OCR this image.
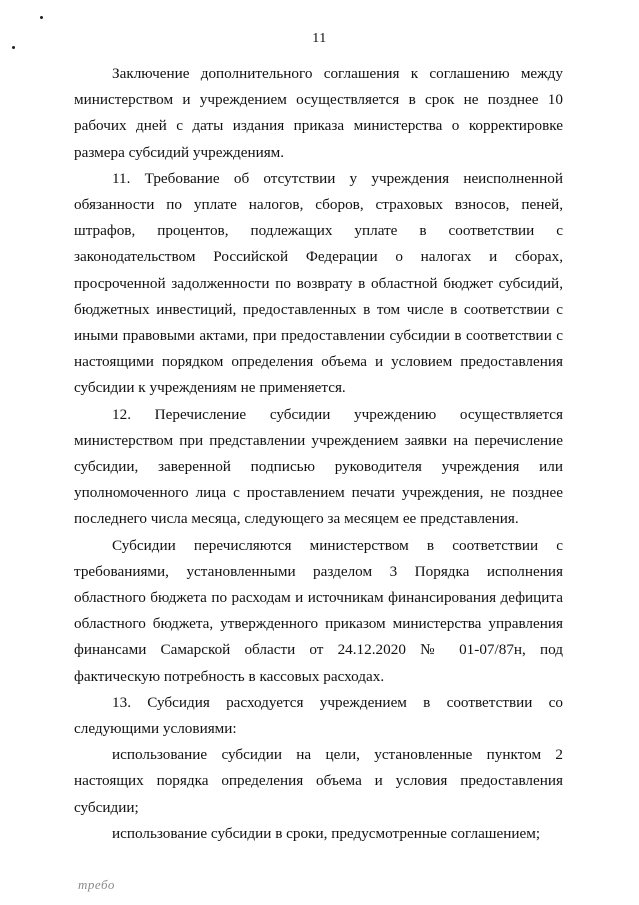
11

Заключение дополнительного соглашения к соглашению между министерством и учреждением осуществляется в срок не позднее 10 рабочих дней с даты издания приказа министерства о корректировке размера субсидий учреждениям.

11. Требование об отсутствии у учреждения неисполненной обязанности по уплате налогов, сборов, страховых взносов, пеней, штрафов, процентов, подлежащих уплате в соответствии с законодательством Российской Федерации о налогах и сборах, просроченной задолженности по возврату в областной бюджет субсидий, бюджетных инвестиций, предоставленных в том числе в соответствии с иными правовыми актами, при предоставлении субсидии в соответствии с настоящими порядком определения объема и условием предоставления субсидии к учреждениям не применяется.

12. Перечисление субсидии учреждению осуществляется министерством при представлении учреждением заявки на перечисление субсидии, заверенной подписью руководителя учреждения или уполномоченного лица с проставлением печати учреждения, не позднее последнего числа месяца, следующего за месяцем ее представления.

Субсидии перечисляются министерством в соответствии с требованиями, установленными разделом 3 Порядка исполнения областного бюджета по расходам и источникам финансирования дефицита областного бюджета, утвержденного приказом министерства управления финансами Самарской области от 24.12.2020 № 01-07/87н, под фактическую потребность в кассовых расходах.

13. Субсидия расходуется учреждением в соответствии со следующими условиями:

использование субсидии на цели, установленные пунктом 2 настоящих порядка определения объема и условия предоставления субсидии;

использование субсидии в сроки, предусмотренные соглашением;

требо
